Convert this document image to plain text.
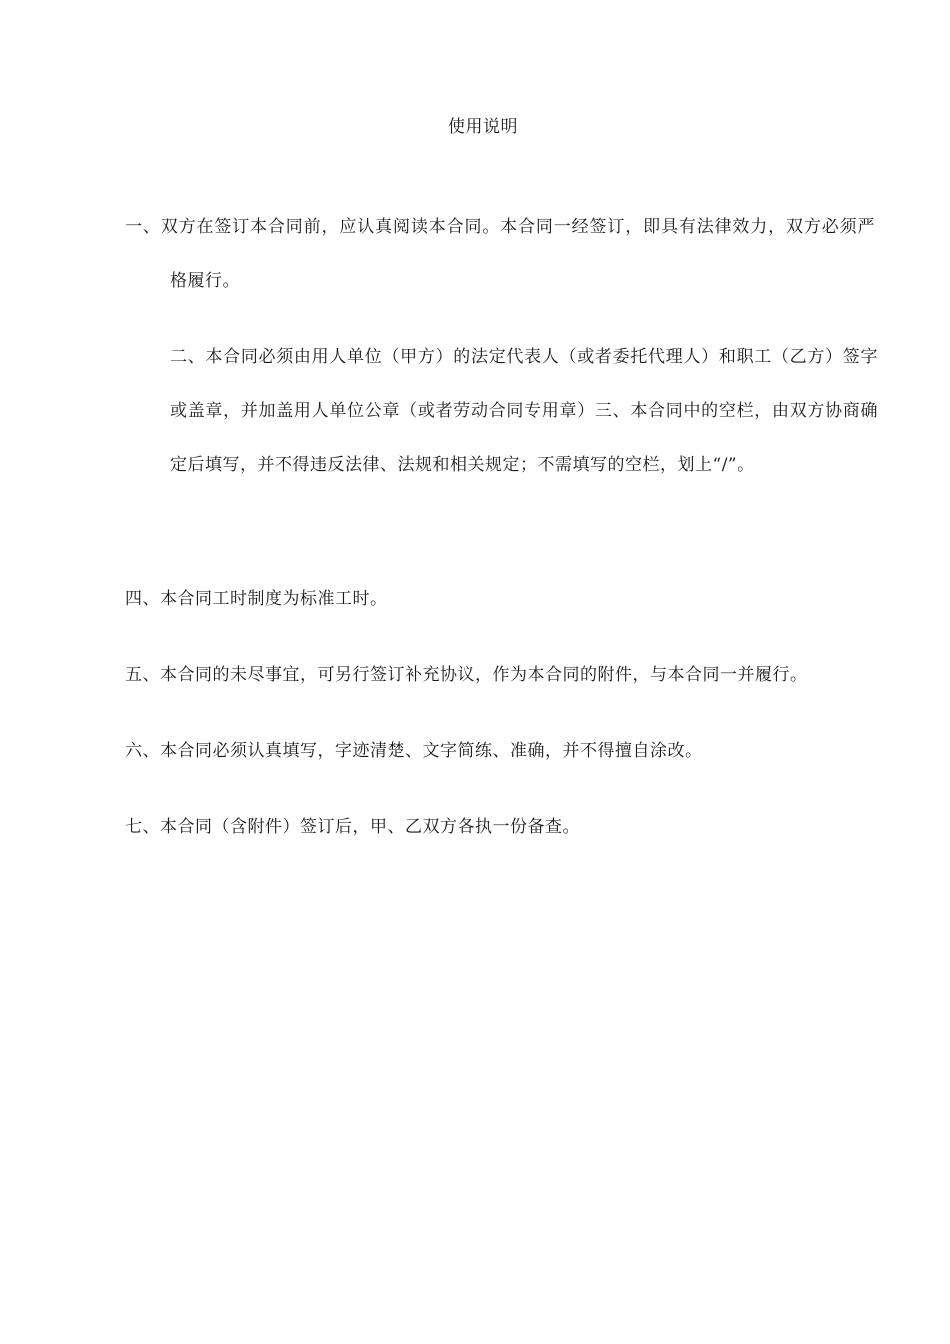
使用说明

一、双方在签订本合同前，应认真阅读本合同。本合同一经签订，即具有法律效力，双方必须严格履行。

二、本合同必须由用人单位（甲方）的法定代表人（或者委托代理人）和职工（乙方）签字或盖章，并加盖用人单位公章（或者劳动合同专用章）三、本合同中的空栏，由双方协商确定后填写，并不得违反法律、法规和相关规定；不需填写的空栏，划上“/”。

四、本合同工时制度为标准工时。

五、本合同的未尽事宜，可另行签订补充协议，作为本合同的附件，与本合同一并履行。

六、本合同必须认真填写，字迹清楚、文字简练、准确，并不得擅自涂改。

七、本合同（含附件）签订后，甲、乙双方各执一份备查。
